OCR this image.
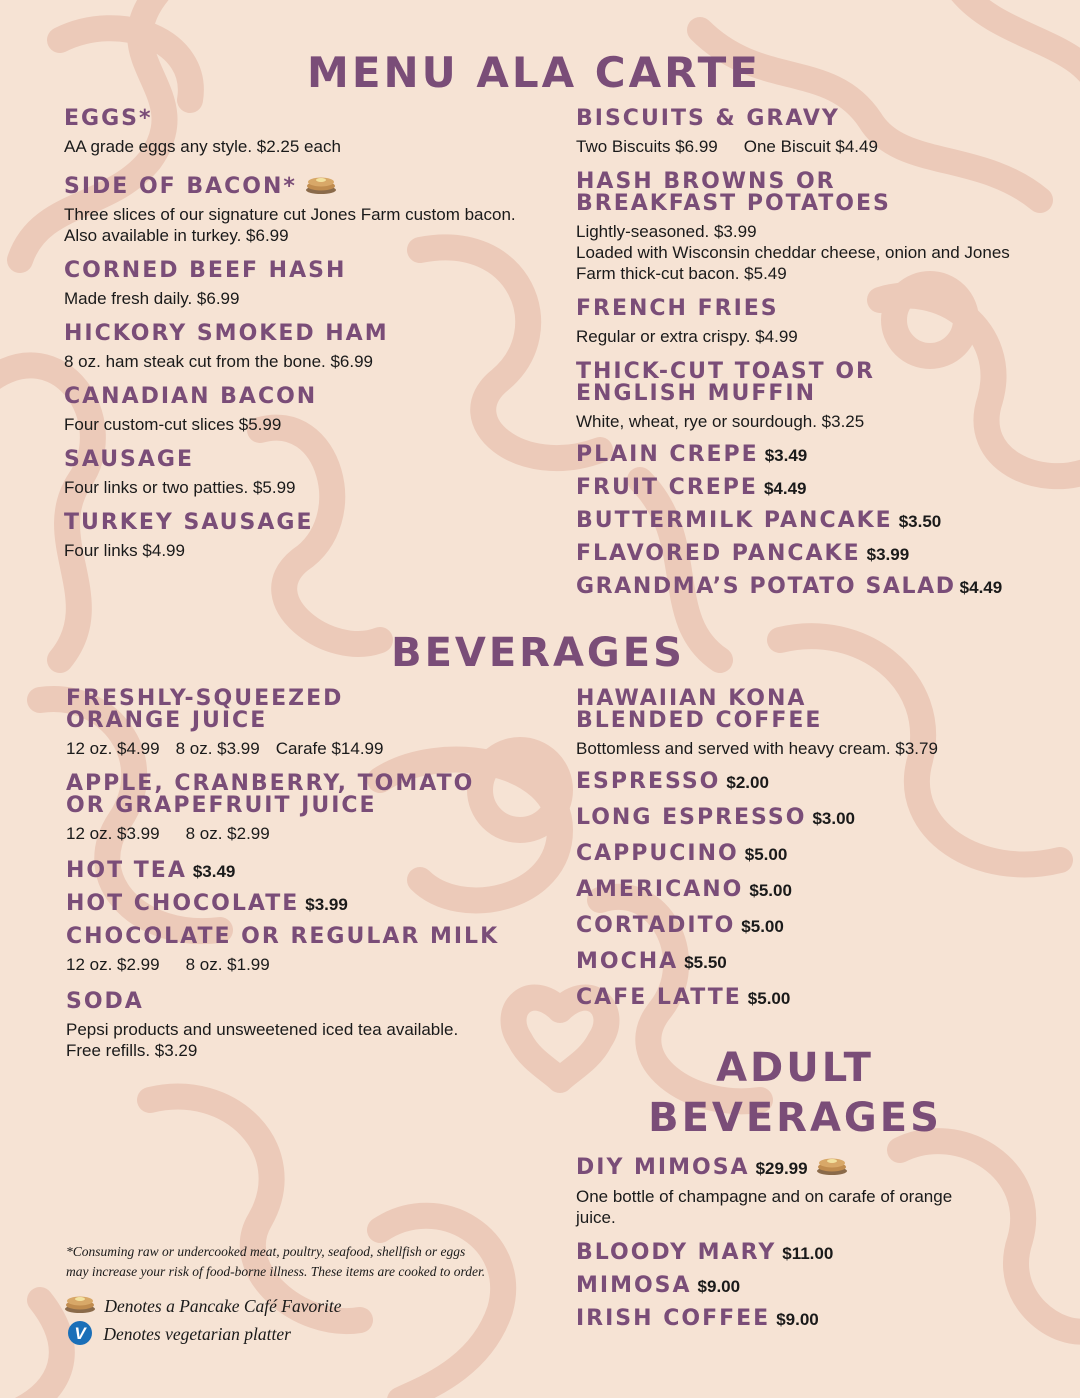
MENU ALA CARTE

EGGS*

AA grade eggs any style. $2.25 each

SIDE OF BACON*

Three slices of our signature cut Jones Farm custom bacon. Also available in turkey. $6.99

CORNED BEEF HASH

Made fresh daily. $6.99

HICKORY SMOKED HAM

8 oz. ham steak cut from the bone. $6.99

CANADIAN BACON

Four custom-cut slices $5.99

SAUSAGE

Four links or two patties. $5.99

TURKEY SAUSAGE

Four links $4.99

BISCUITS & GRAVY

Two Biscuits $6.99 One Biscuit $4.49

HASH BROWNS OR

BREAKFAST POTATOES

Lightly-seasoned. $3.99

Loaded with Wisconsin cheddar cheese, onion and Jones Farm thick-cut bacon. $5.49

FRENCH FRIES

Regular or extra crispy. $4.99

THICK-CUT TOAST OR

ENGLISH MUFFIN

White, wheat, rye or sourdough. $3.25

PLAIN CREPE $3.49

FRUIT CREPE $4.49

BUTTERMILK PANCAKE $3.50

FLAVORED PANCAKE $3.99

GRANDMA’S POTATO SALAD $4.49

BEVERAGES

FRESHLY-SQUEEZED

ORANGE JUICE

12 oz. $4.99 8 oz. $3.99 Carafe $14.99

APPLE, CRANBERRY, TOMATO

OR GRAPEFRUIT JUICE

12 oz. $3.99 8 oz. $2.99

HOT TEA $3.49

HOT CHOCOLATE $3.99

CHOCOLATE OR REGULAR MILK

12 oz. $2.99 8 oz. $1.99

SODA

Pepsi products and unsweetened iced tea available. Free refills. $3.29

HAWAIIAN KONA

BLENDED COFFEE

Bottomless and served with heavy cream. $3.79

ESPRESSO $2.00

LONG ESPRESSO $3.00

CAPPUCINO $5.00

AMERICANO $5.00

CORTADITO $5.00

MOCHA $5.50

CAFE LATTE $5.00

ADULT
BEVERAGES

DIY MIMOSA $29.99

One bottle of champagne and on carafe of orange juice.

BLOODY MARY $11.00

MIMOSA $9.00

IRISH COFFEE $9.00

*Consuming raw or undercooked meat, poultry, seafood, shellfish or eggs
may increase your risk of food-borne illness. These items are cooked to order.
Denotes a Pancake Café Favorite
V Denotes vegetarian platter
